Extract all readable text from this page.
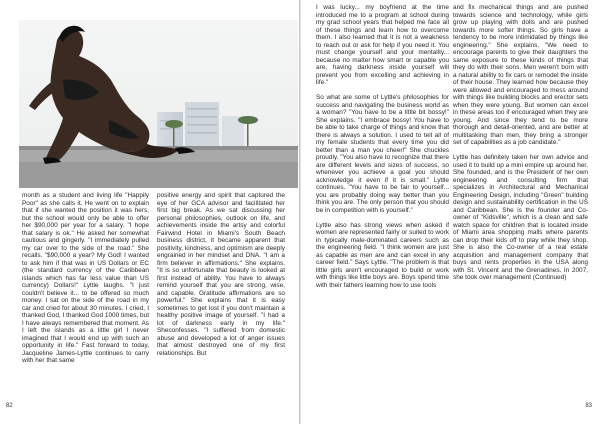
month as a student and living life "Happily Poor" as she calls it. He went on to explain that if she wanted the position it was hers, but the school would only be able to offer her $90,000 per year for a salary. "I hope that salary is ok." He asked her somewhat cautious and gingerly. "I immediately pulled my car over to the side of the road." She recalls. "$90,000 a year? My God! I wanted to ask him if that was in US Dollars or EC (the standard currency of the Caribbean islands which has far less value than US currency) Dollars!" Lyttle laughs. "I just couldn't believe it... to be offered so much money. I sat on the side of the road in my car and cried for about 30 minutes. I cried, I thanked God, I thanked God 1000 times, but I have always remembered that moment. As I left the islands as a little girl I never imagined that I would end up with such an opportunity in life." Fast forward to today, Jacqueline James-Lyttle continues to carry with her that same

positive energy and spirit that captured the eye of her GCA advisor and facilitated her first big break. As we sat discussing her personal philosophies, outlook on life, and achievements inside the artsy and colorful Fairwind Hotel in Miami's South Beach business district, it became apparent that positivity, kindness, and optimism are deeply engrained in her mindset and DNA. "I am a firm believer in affirmations." She explains. "It is so unfortunate that beauty is looked at first instead of ability. You have to always remind yourself that you are strong, wise, and capable. Gratitude affirmations are so powerful." She explains that it is easy sometimes to get lost if you don't maintain a healthy positive image of yourself. "I had a lot of darkness early in my life." Sheconfesses. "I suffered from domestic abuse and developed a lot of anger issues that almost destroyed one of my first relationships. But

82

I was lucky... my boyfriend at the time introduced me to a program at school during my grad school years that helped me face all of these things and learn how to overcome them. I also learned that it is not a weakness to reach out or ask for help if you need it. You must change yourself and your mentality... because no matter how smart or capable you are, having darkness inside yourself will prevent you from excelling and achieving in life."

So what are some of Lyttle's philosophies for success and navigating the business world as a woman? "You have to be a little bit bossy!" She explains. "I embrace bossy! You have to be able to take charge of things and know that there is always a solution. I used to tell all of my female students that every time you did better than a man you cheer!" She chuckles proudly. "You also have to recognize that there are different levels and sizes of success, so whenever you achieve a goal you should acknowledge it even if it is small." Lyttle continues. "You have to be fair to yourself... you are probably doing way better than you think you are. The only person that you should be in competition with is yourself."

Lyttle also has strong views when asked if women are represented fairly or suited to work in typically male-dominated careers such as the engineering field. "I think women are just as capable as men are and can excel in any career field." Says Lyttle. "The problem is that little girls aren't encouraged to build or work with things like little boys are. Boys spend time with their fathers learning how to use tools

and fix mechanical things and are pushed towards science and technology, while girls grow up playing with dolls and are pushed towards more softer things. So girls have a tendency to be more intimidated by things like engineering." She explains. "We need to encourage parents to give their daughters the same exposure to these kinds of things that they do with their sons. Men weren't born with a natural ability to fix cars or remodel the inside of their house. They learned how because they were allowed and encouraged to mess around with things like building blocks and erector sets when they were young. But women can excel in these areas too if encouraged when they are young. And since they tend to be more thorough and detail-oriented, and are better at multitasking than men, they bring a stronger set of capabilities as a job candidate."

Lyttle has definitely taken her own advice and used it to build up a mini empire up around her. She founded, and is the President of her own engineering and consulting firm that specializes in Architectural and Mechanical Engineering Design, including "Green" building design and sustainability certification in the US and Caribbean. She is the founder and Co-owner of "Kidsville", which is a clean and safe watch space for children that is located inside of Miami area shopping malls where parents can drop their kids off to play while they shop. She is also the Co-owner of a real estate acquisition and management company that buys and rents properties in the USA along with St. Vincent and the Grenadines. In 2007, she took over management (Continued)

83
